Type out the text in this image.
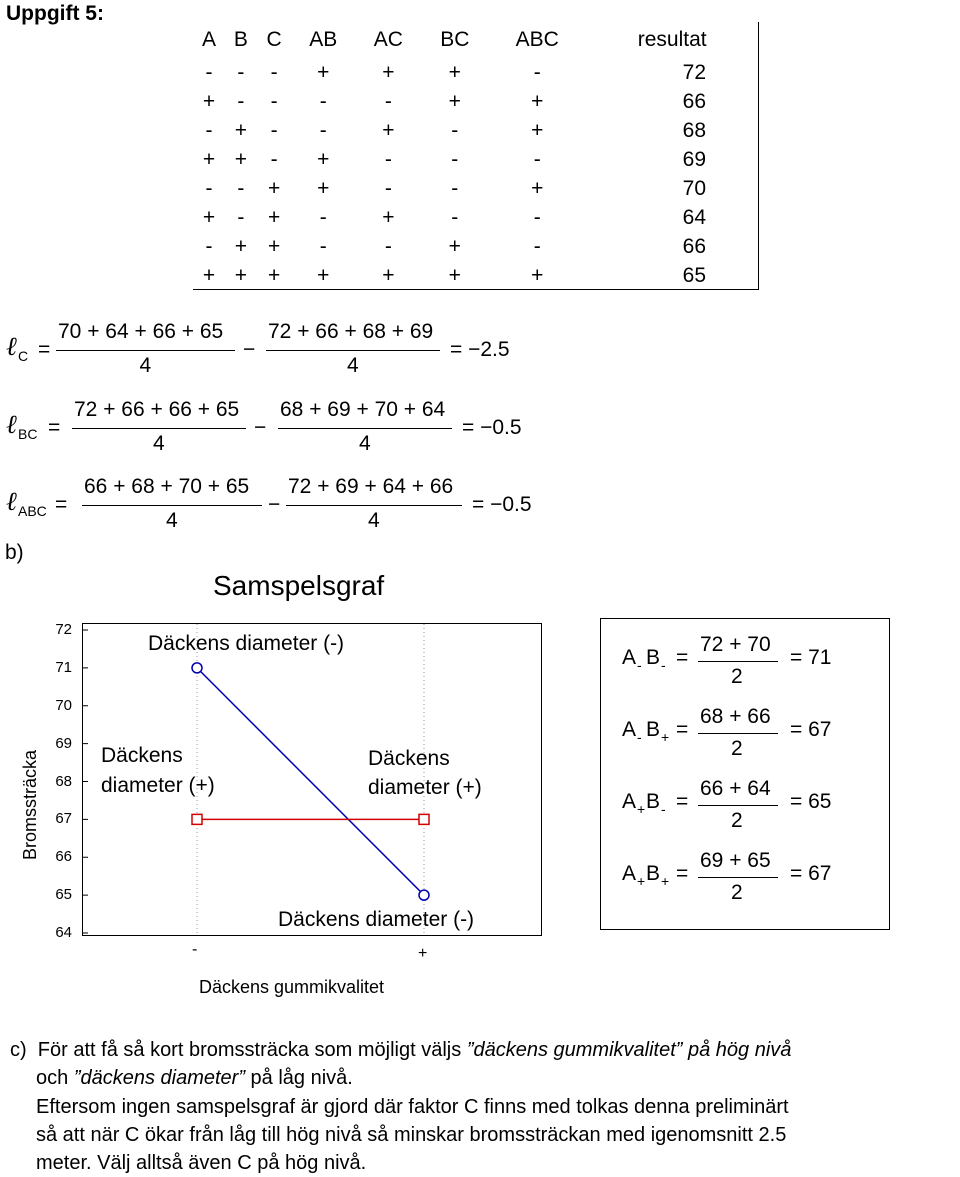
Uppgift 5:
A	B	C	AB	AC	BC	ABC	resultat
-	-	-	+	+	+	-	72
+	-	-	-	-	+	+	66
-	+	-	-	+	-	+	68
+	+	-	+	-	-	-	69
-	-	+	+	-	-	+	70
+	-	+	-	+	-	-	64
-	+	+	-	-	+	-	66
+	+	+	+	+	+	+	65
ℓ C =
70 + 64 + 66 + 65
4
−
72 + 66 + 68 + 69
4
= −2.5
ℓ BC =
72 + 66 + 66 + 65
4
−
68 + 69 + 70 + 64
4
= −0.5
ℓ ABC =
66 + 68 + 70 + 65
4
−
72 + 69 + 64 + 66
4
= −0.5
b)
Samspelsgraf
72
71
70
69
68
67
66
65
64
Bromssträcka
Däckens diameter (-)
Däckens
diameter (+)
Däckens
diameter (+)
Däckens diameter (-)
-	+
Däckens gummikvalitet
A - B - =
72 + 70
2
= 71
A - B + =
68 + 66
2
= 67
A + B - =
66 + 64
2
= 65
A + B + =
69 + 65
2
= 67
c) För att få så kort bromssträcka som möjligt väljs ”däckens gummikvalitet” på hög nivå
och ”däckens diameter” på låg nivå.
Eftersom ingen samspelsgraf är gjord där faktor C finns med tolkas denna preliminärt
så att när C ökar från låg till hög nivå så minskar bromssträckan med igenomsnitt 2.5
meter. Välj alltså även C på hög nivå.
